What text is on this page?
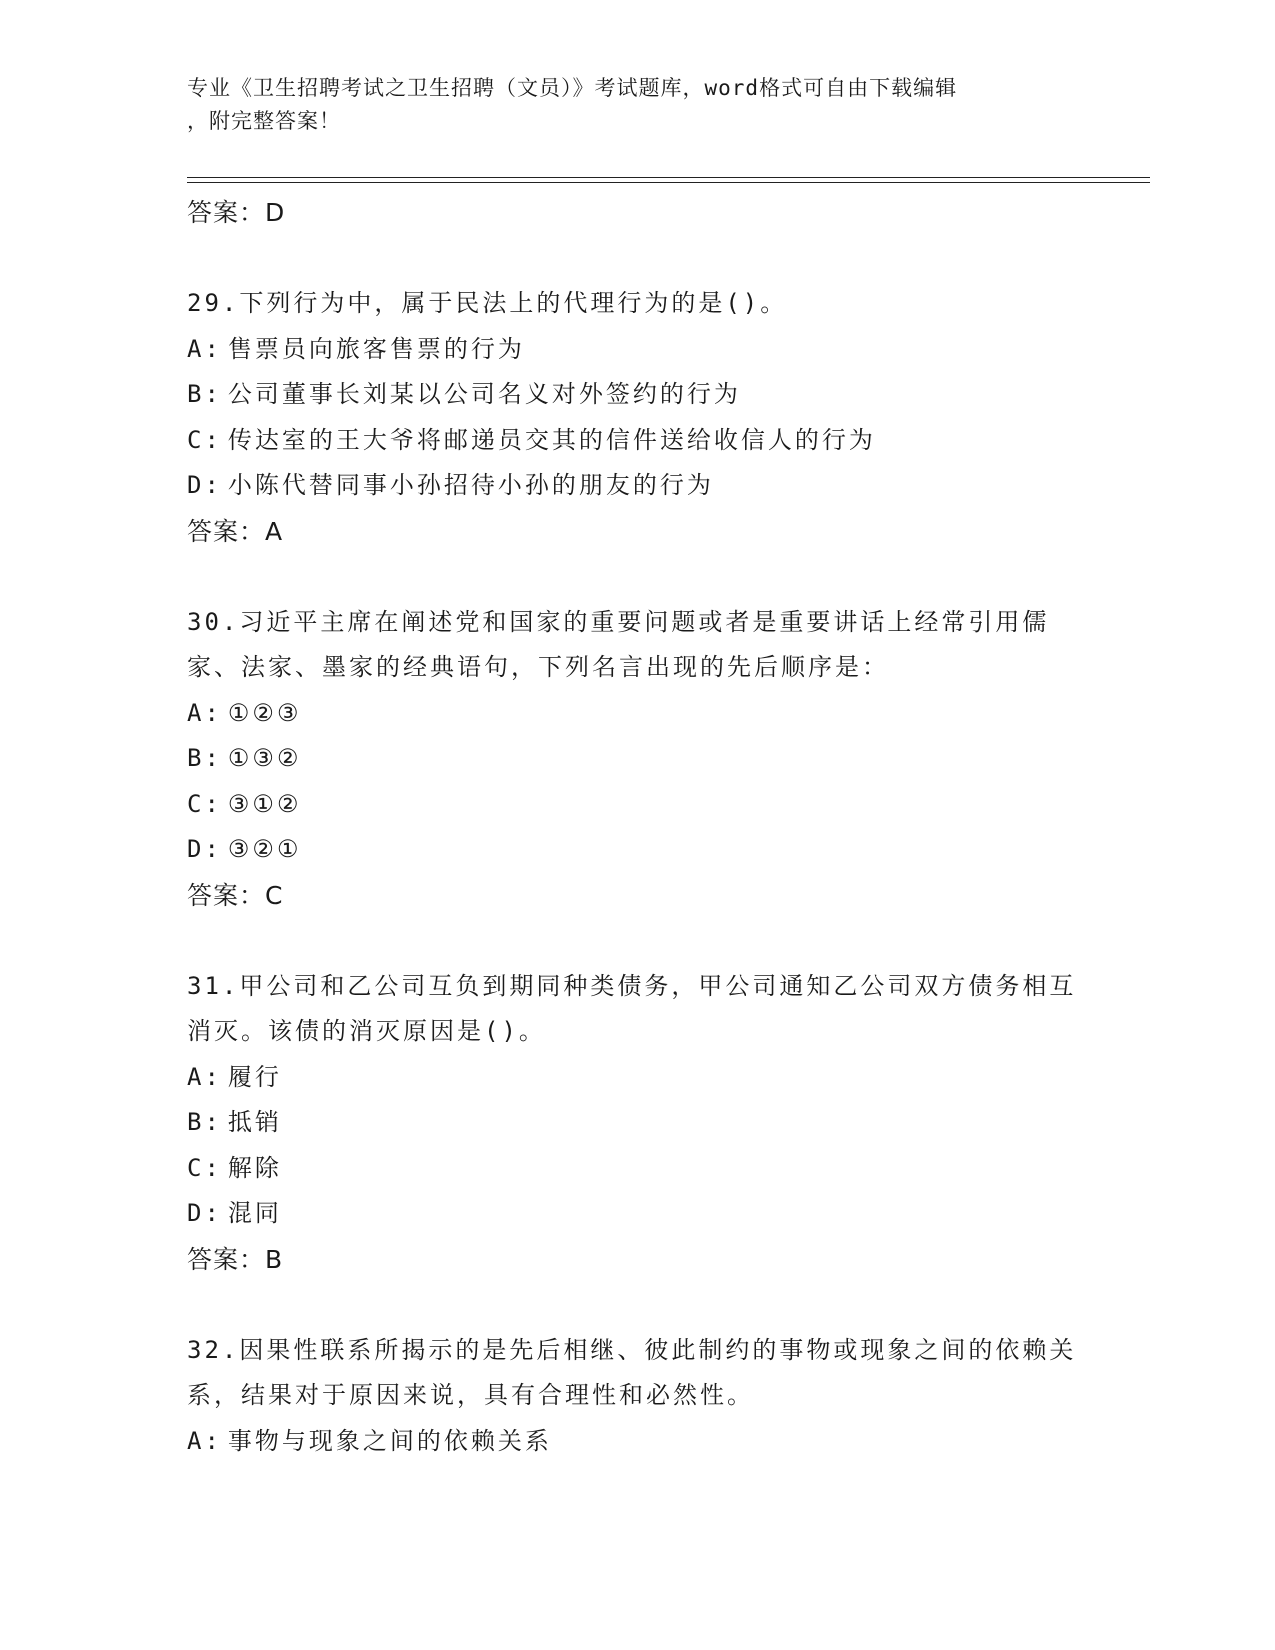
专业《卫生招聘考试之卫生招聘（文员）》考试题库，word格式可自由下载编辑
，附完整答案！
答案：D

29.下列行为中，属于民法上的代理行为的是()。

A: 售票员向旅客售票的行为
B: 公司董事长刘某以公司名义对外签约的行为
C: 传达室的王大爷将邮递员交其的信件送给收信人的行为
D: 小陈代替同事小孙招待小孙的朋友的行为
答案：A

30.习近平主席在阐述党和国家的重要问题或者是重要讲话上经常引用儒家、法家、墨家的经典语句，下列名言出现的先后顺序是：

A: ①②③
B: ①③②
C: ③①②
D: ③②①
答案：C

31.甲公司和乙公司互负到期同种类债务，甲公司通知乙公司双方债务相互消灭。该债的消灭原因是()。

A: 履行
B: 抵销
C: 解除
D: 混同
答案：B

32.因果性联系所揭示的是先后相继、彼此制约的事物或现象之间的依赖关系，结果对于原因来说，具有合理性和必然性。

A: 事物与现象之间的依赖关系
